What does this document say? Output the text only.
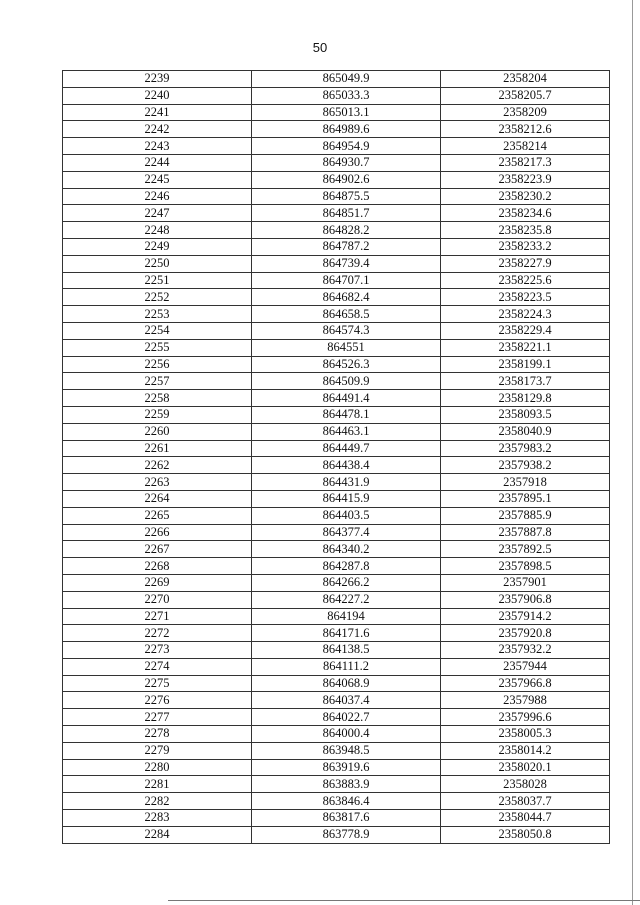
50
2239	865049.9	2358204
2240	865033.3	2358205.7
2241	865013.1	2358209
2242	864989.6	2358212.6
2243	864954.9	2358214
2244	864930.7	2358217.3
2245	864902.6	2358223.9
2246	864875.5	2358230.2
2247	864851.7	2358234.6
2248	864828.2	2358235.8
2249	864787.2	2358233.2
2250	864739.4	2358227.9
2251	864707.1	2358225.6
2252	864682.4	2358223.5
2253	864658.5	2358224.3
2254	864574.3	2358229.4
2255	864551	2358221.1
2256	864526.3	2358199.1
2257	864509.9	2358173.7
2258	864491.4	2358129.8
2259	864478.1	2358093.5
2260	864463.1	2358040.9
2261	864449.7	2357983.2
2262	864438.4	2357938.2
2263	864431.9	2357918
2264	864415.9	2357895.1
2265	864403.5	2357885.9
2266	864377.4	2357887.8
2267	864340.2	2357892.5
2268	864287.8	2357898.5
2269	864266.2	2357901
2270	864227.2	2357906.8
2271	864194	2357914.2
2272	864171.6	2357920.8
2273	864138.5	2357932.2
2274	864111.2	2357944
2275	864068.9	2357966.8
2276	864037.4	2357988
2277	864022.7	2357996.6
2278	864000.4	2358005.3
2279	863948.5	2358014.2
2280	863919.6	2358020.1
2281	863883.9	2358028
2282	863846.4	2358037.7
2283	863817.6	2358044.7
2284	863778.9	2358050.8
